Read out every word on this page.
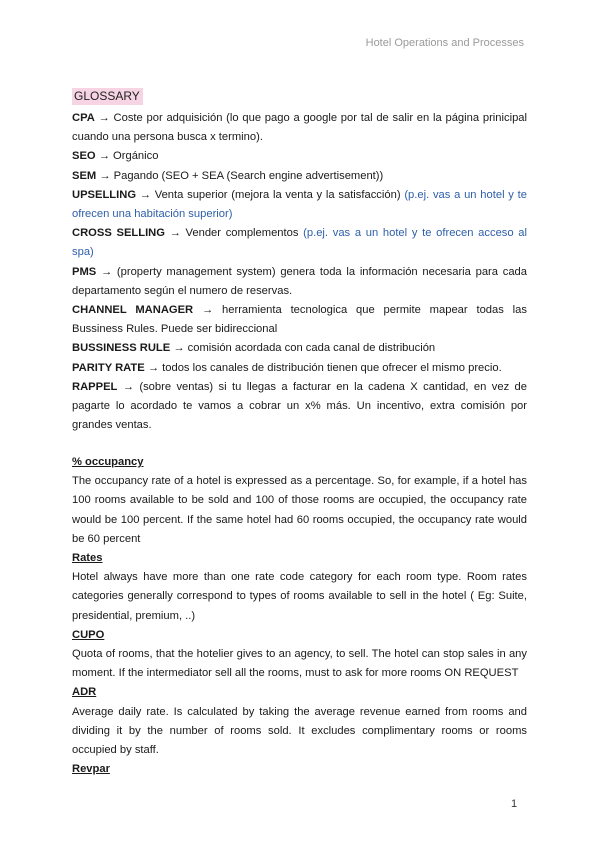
Hotel Operations and Processes
GLOSSARY

CPA → Coste por adquisición (lo que pago a google por tal de salir en la página prinicipal cuando una persona busca x termino).

SEO → Orgánico

SEM → Pagando (SEO + SEA (Search engine advertisement))

UPSELLING → Venta superior (mejora la venta y la satisfacción) (p.ej. vas a un hotel y te ofrecen una habitación superior)

CROSS SELLING → Vender complementos (p.ej. vas a un hotel y te ofrecen acceso al spa)

PMS → (property management system) genera toda la información necesaria para cada departamento según el numero de reservas.

CHANNEL MANAGER → herramienta tecnologica que permite mapear todas las Bussiness Rules. Puede ser bidireccional

BUSSINESS RULE → comisión acordada con cada canal de distribución

PARITY RATE → todos los canales de distribución tienen que ofrecer el mismo precio.

RAPPEL → (sobre ventas) si tu llegas a facturar en la cadena X cantidad, en vez de pagarte lo acordado te vamos a cobrar un x% más. Un incentivo, extra comisión por grandes ventas.

% occupancy

The occupancy rate of a hotel is expressed as a percentage. So, for example, if a hotel has 100 rooms available to be sold and 100 of those rooms are occupied, the occupancy rate would be 100 percent. If the same hotel had 60 rooms occupied, the occupancy rate would be 60 percent

Rates

Hotel always have more than one rate code category for each room type. Room rates categories generally correspond to types of rooms available to sell in the hotel ( Eg: Suite, presidential, premium, ..)

CUPO

Quota of rooms, that the hotelier gives to an agency, to sell. The hotel can stop sales in any moment. If the intermediator sell all the rooms, must to ask for more rooms ON REQUEST

ADR

Average daily rate. Is calculated by taking the average revenue earned from rooms and dividing it by the number of rooms sold. It excludes complimentary rooms or rooms occupied by staff.

Revpar

1
